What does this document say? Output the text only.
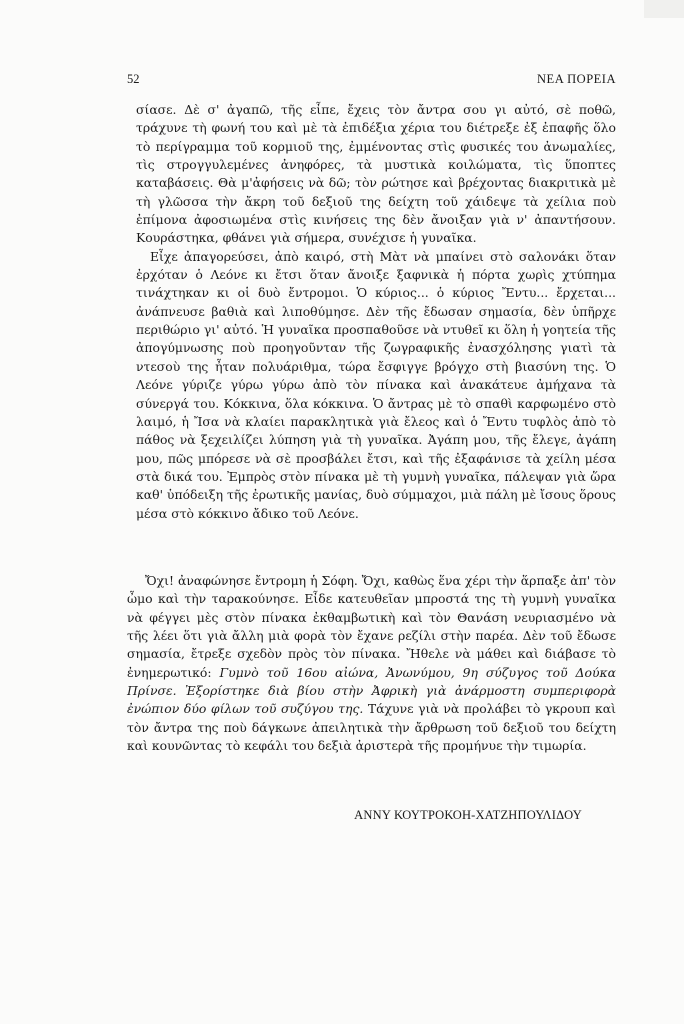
52	ΝΕΑ ΠΟΡΕΙΑ

σίασε. Δὲ σ' ἀγαπῶ, τῆς εἶπε, ἔχεις τὸν ἄντρα σου γι αὐτό, σὲ ποθῶ, τράχυνε τὴ φωνή του καὶ μὲ τὰ ἐπιδέξια χέρια του διέτρεξε ἐξ ἐπαφῆς ὅλο τὸ περίγραμμα τοῦ κορμιοῦ της, ἐμμένοντας στὶς φυσικές του ἀνωμαλίες, τὶς στρογγυλεμένες ἀνηφόρες, τὰ μυστικὰ κοιλώματα, τὶς ὕποπτες καταβάσεις. Θὰ μ'ἀφήσεις νὰ δῶ; τὸν ρώτησε καὶ βρέχοντας διακριτικὰ μὲ τὴ γλῶσσα τὴν ἄκρη τοῦ δεξιοῦ της δείχτη τοῦ χάιδεψε τὰ χείλια ποὺ ἐπίμονα ἀφοσιωμένα στὶς κινήσεις της δὲν ἄνοιξαν γιὰ ν' ἀπαντήσουν. Κουράστηκα, φθάνει γιὰ σήμερα, συνέχισε ἡ γυναῖκα.

Εἶχε ἀπαγορεύσει, ἀπὸ καιρό, στὴ Μὰτ νὰ μπαίνει στὸ σαλονάκι ὅταν ἐρχόταν ὁ Λεόνε κι ἔτσι ὅταν ἄνοιξε ξαφνικὰ ἡ πόρτα χωρὶς χτύπημα τινάχτηκαν κι οἱ δυὸ ἔντρομοι. Ὁ κύριος... ὁ κύριος Ἔντυ... ἔρχεται... ἀνάπνευσε βαθιὰ καὶ λιποθύμησε. Δὲν τῆς ἔδωσαν σημασία, δὲν ὑπῆρχε περιθώριο γι' αὐτό. Ἡ γυναῖκα προσπαθοῦσε νὰ ντυθεῖ κι ὅλη ἡ γοητεία τῆς ἀπογύμνωσης ποὺ προηγοῦνταν τῆς ζωγραφικῆς ἐνασχόλησης γιατὶ τὰ ντεσοὺ της ἦταν πολυάριθμα, τώρα ἔσφιγγε βρόγχο στὴ βιασύνη της. Ὁ Λεόνε γύριζε γύρω γύρω ἀπὸ τὸν πίνακα καὶ ἀνακάτευε ἀμήχανα τὰ σύνεργά του. Κόκκινα, ὅλα κόκκινα. Ὁ ἄντρας μὲ τὸ σπαθὶ καρφωμένο στὸ λαιμό, ἡ Ἴσα νὰ κλαίει παρακλητικὰ γιὰ ἔλεος καὶ ὁ Ἔντυ τυφλὸς ἀπὸ τὸ πάθος νὰ ξεχειλίζει λύπηση γιὰ τὴ γυναῖκα. Ἀγάπη μου, τῆς ἔλεγε, ἀγάπη μου, πῶς μπόρεσε νὰ σὲ προσβάλει ἔτσι, καὶ τῆς ἐξαφάνισε τὰ χείλη μέσα στὰ δικά του. Ἐμπρὸς στὸν πίνακα μὲ τὴ γυμνὴ γυναῖκα, πάλεψαν γιὰ ὥρα καθ' ὑπόδειξη τῆς ἐρωτικῆς μανίας, δυὸ σύμμαχοι, μιὰ πάλη μὲ ἴσους ὅρους μέσα στὸ κόκκινο ἄδικο τοῦ Λεόνε.

Ὄχι! ἀναφώνησε ἔντρομη ἡ Σόφη. Ὄχι, καθὼς ἕνα χέρι τὴν ἅρπαξε ἀπ' τὸν ὦμο καὶ τὴν ταρακούνησε. Εἶδε κατευθεῖαν μπροστά της τὴ γυμνὴ γυναῖκα νὰ φέγγει μὲς στὸν πίνακα ἐκθαμβωτικὴ καὶ τὸν Θανάση νευριασμένο νὰ τῆς λέει ὅτι γιὰ ἄλλη μιὰ φορὰ τὸν ἔχανε ρεζίλι στὴν παρέα. Δὲν τοῦ ἔδωσε σημασία, ἔτρεξε σχεδὸν πρὸς τὸν πίνακα. Ἤθελε νὰ μάθει καὶ διάβασε τὸ ἐνημερωτικό: Γυμνὸ τοῦ 16ου αἰώνα, Ἀνωνύμου, 9η σύζυγος τοῦ Δούκα Πρίνσε. Ἐξορίστηκε διὰ βίου στὴν Ἀφρικὴ γιὰ ἀνάρμοστη συμπεριφορὰ ἐνώπιον δύο φίλων τοῦ συζύγου της. Τάχυνε γιὰ νὰ προλάβει τὸ γκρουπ καὶ τὸν ἄντρα της ποὺ δάγκωνε ἀπειλητικὰ τὴν ἄρθρωση τοῦ δεξιοῦ του δείχτη καὶ κουνῶντας τὸ κεφάλι του δεξιὰ ἀριστερὰ τῆς προμήνυε τὴν τιμωρία.

ΑΝΝΥ ΚΟΥΤΡΟΚΟΗ-ΧΑΤΖΗΠΟΥΛΙΔΟΥ
